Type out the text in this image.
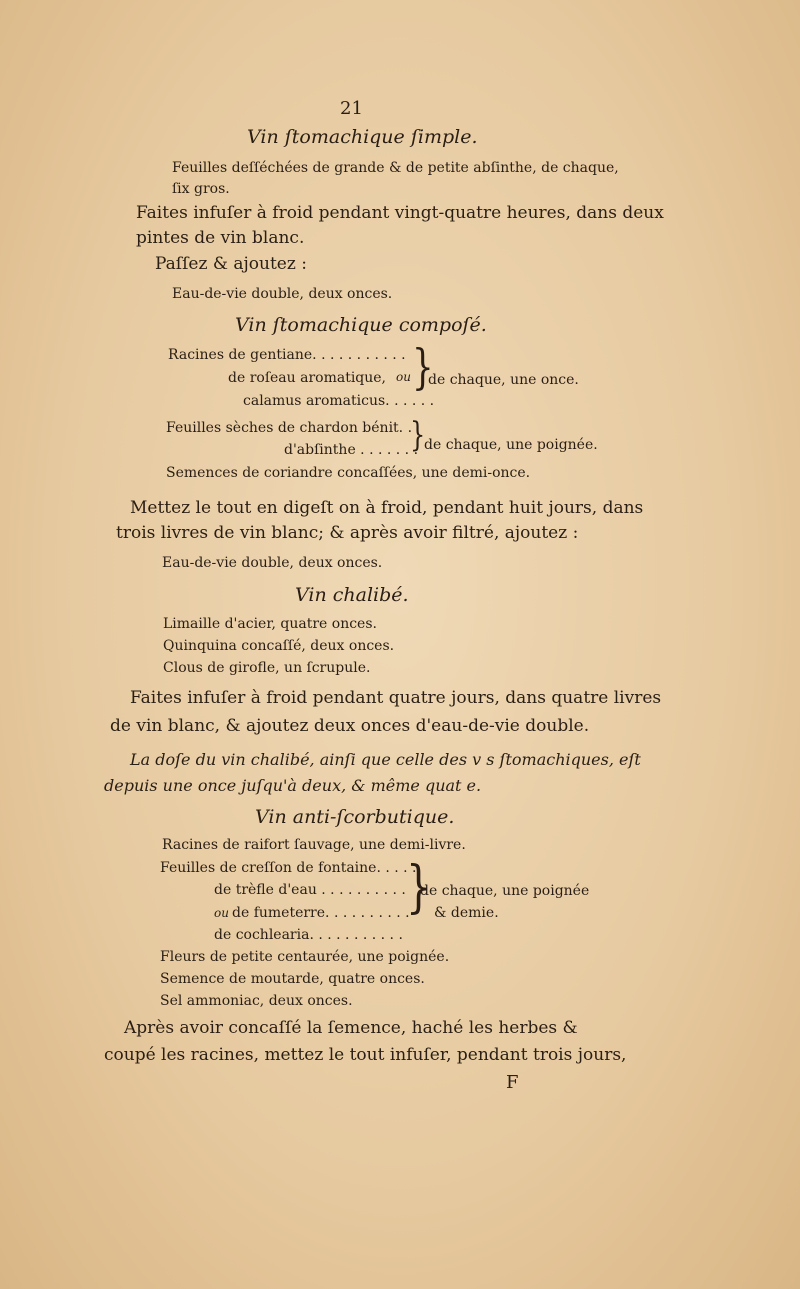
21
Vin ſtomachique ſimple.
Feuilles deſſéchées de grande & de petite abſinthe, de chaque,
ſix gros.
Faites infuſer à froid pendant vingt-quatre heures, dans deux
pintes de vin blanc.
Paſſez & ajoutez :
Eau-de-vie double, deux onces.
Vin ſtomachique compoſé.
Racines de gentiane. . . . . . . . . . .
de roſeau aromatique, ou
calamus aromaticus. . . . . .
}
de chaque, une once.
Feuilles sèches de chardon bénit. .
d'abſinthe . . . . . . .
}
de chaque, une poignée.
Semences de coriandre concaſſées, une demi-once.
Mettez le tout en digeſt on à froid, pendant huit jours, dans
trois livres de vin blanc; & après avoir filtré, ajoutez :
Eau-de-vie double, deux onces.
Vin chalibé.
Limaille d'acier, quatre onces.
Quinquina concaſſé, deux onces.
Clous de girofle, un ſcrupule.
Faites infuſer à froid pendant quatre jours, dans quatre livres
de vin blanc, & ajoutez deux onces d'eau-de-vie double.
La doſe du vin chalibé, ainſi que celle des v s ſtomachiques, eſt
depuis une once juſqu'à deux, & même quat e.
Vin anti-ſcorbutique.
Racines de raifort ſauvage, une demi-livre.
Feuilles de creſſon de fontaine. . . . .
de trèfle d'eau . . . . . . . . . .
ou de fumeterre. . . . . . . . . .
de cochlearia. . . . . . . . . . .
}
de chaque, une poignée
& demie.
Fleurs de petite centaurée, une poignée.
Semence de moutarde, quatre onces.
Sel ammoniac, deux onces.
Après avoir concaſſé la ſemence, haché les herbes &
coupé les racines, mettez le tout infuſer, pendant trois jours,
F
